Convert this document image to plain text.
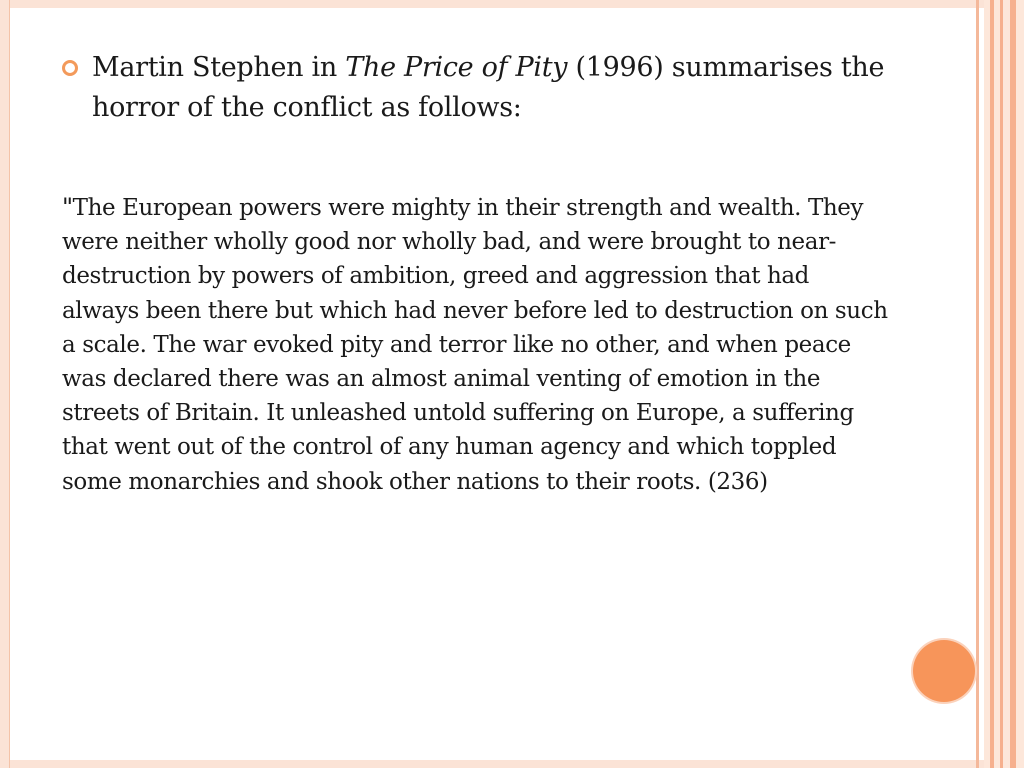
Martin Stephen in The Price of Pity (1996) summarises the horror of the conflict as follows:
"The European powers were mighty in their strength and wealth. They were neither wholly good nor wholly bad, and were brought to near- destruction by powers of ambition, greed and aggression that had always been there but which had never before led to destruction on such a scale. The war evoked pity and terror like no other, and when peace was declared there was an almost animal venting of emotion in the streets of Britain. It unleashed untold suffering on Europe, a suffering that went out of the control of any human agency and which toppled some monarchies and shook other nations to their roots. (236)
